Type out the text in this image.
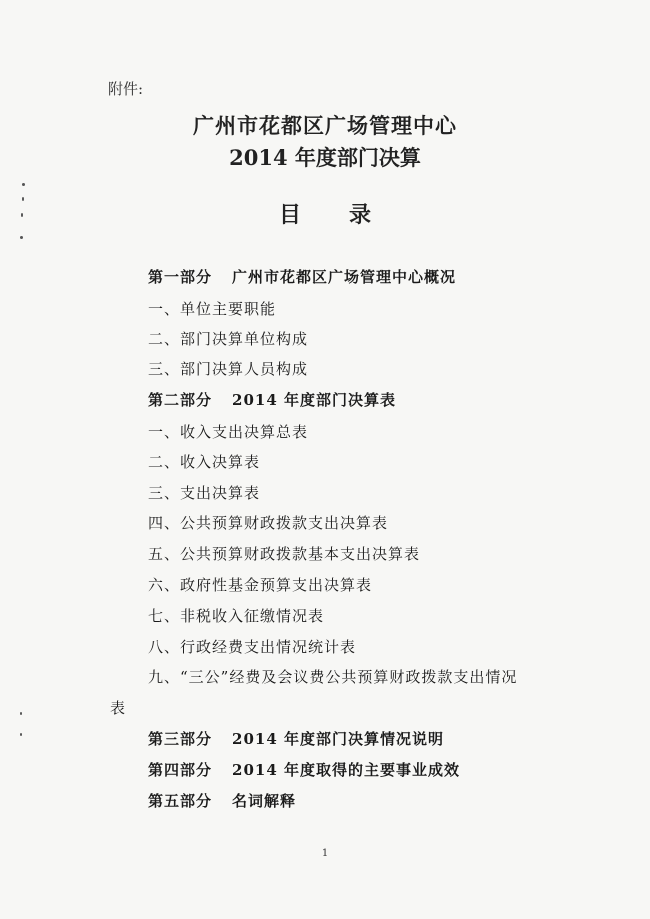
附件:
广州市花都区广场管理中心
2014 年度部门决算
目 录
第一部分 广州市花都区广场管理中心概况
一、单位主要职能
二、部门决算单位构成
三、部门决算人员构成
第二部分 2014 年度部门决算表
一、收入支出决算总表
二、收入决算表
三、支出决算表
四、公共预算财政拨款支出决算表
五、公共预算财政拨款基本支出决算表
六、政府性基金预算支出决算表
七、非税收入征缴情况表
八、行政经费支出情况统计表
九、“三公”经费及会议费公共预算财政拨款支出情况
表
第三部分 2014 年度部门决算情况说明
第四部分 2014 年度取得的主要事业成效
第五部分 名词解释
1
